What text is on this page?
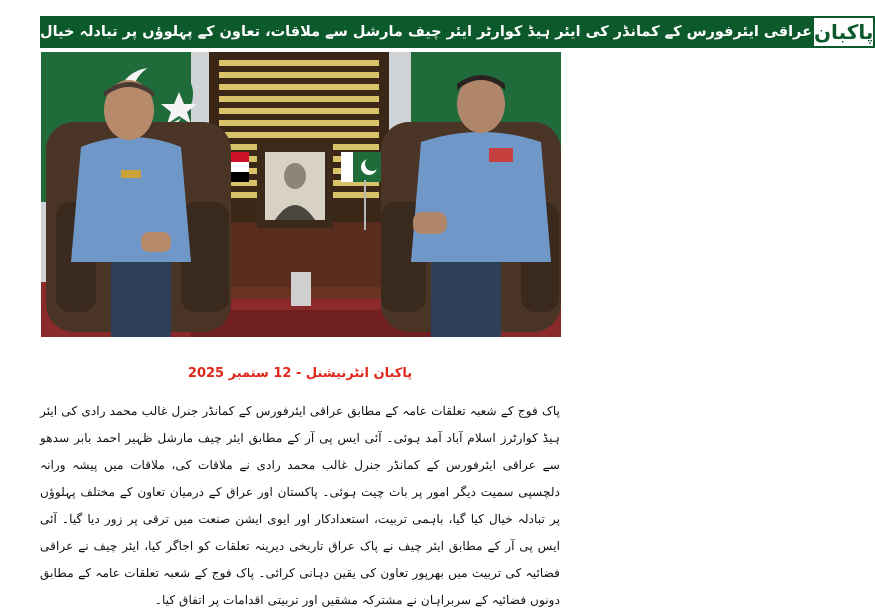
عراقی ایئرفورس کے کمانڈر کی ایئر ہیڈ کوارٹر ایئر چیف مارشل سے ملاقات، تعاون کے پہلوؤں پر تبادلہ خیال پاکبان
پاکبان انٹرنیشنل - 12 ستمبر 2025

پاک فوج کے شعبہ تعلقات عامہ کے مطابق عراقی ایئرفورس کے کمانڈر جنرل غالب محمد رادی کی ایئر ہیڈ کوارٹرز اسلام آباد آمد ہوئی۔ آئی ایس پی آر کے مطابق ایئر چیف مارشل ظہیر احمد بابر سدھو سے عراقی ایئرفورس کے کمانڈر جنرل غالب محمد رادی نے ملاقات کی، ملاقات میں پیشہ ورانہ دلچسپی سمیت دیگر امور پر بات چیت ہوئی۔ پاکستان اور عراق کے درمیان تعاون کے مختلف پہلوؤں پر تبادلہ خیال کیا گیا، باہمی تربیت، استعدادکار اور ایوی ایشن صنعت میں ترقی پر زور دیا گیا۔ آئی ایس پی آر کے مطابق ایئر چیف نے پاک عراق تاریخی دیرینہ تعلقات کو اجاگر کیا، ایئر چیف نے عراقی فضائیہ کی تربیت میں بھرپور تعاون کی یقین دہانی کرائی۔ پاک فوج کے شعبہ تعلقات عامہ کے مطابق دونوں فضائیہ کے سربراہان نے مشترکہ مشقیں اور تربیتی اقدامات پر اتفاق کیا۔
